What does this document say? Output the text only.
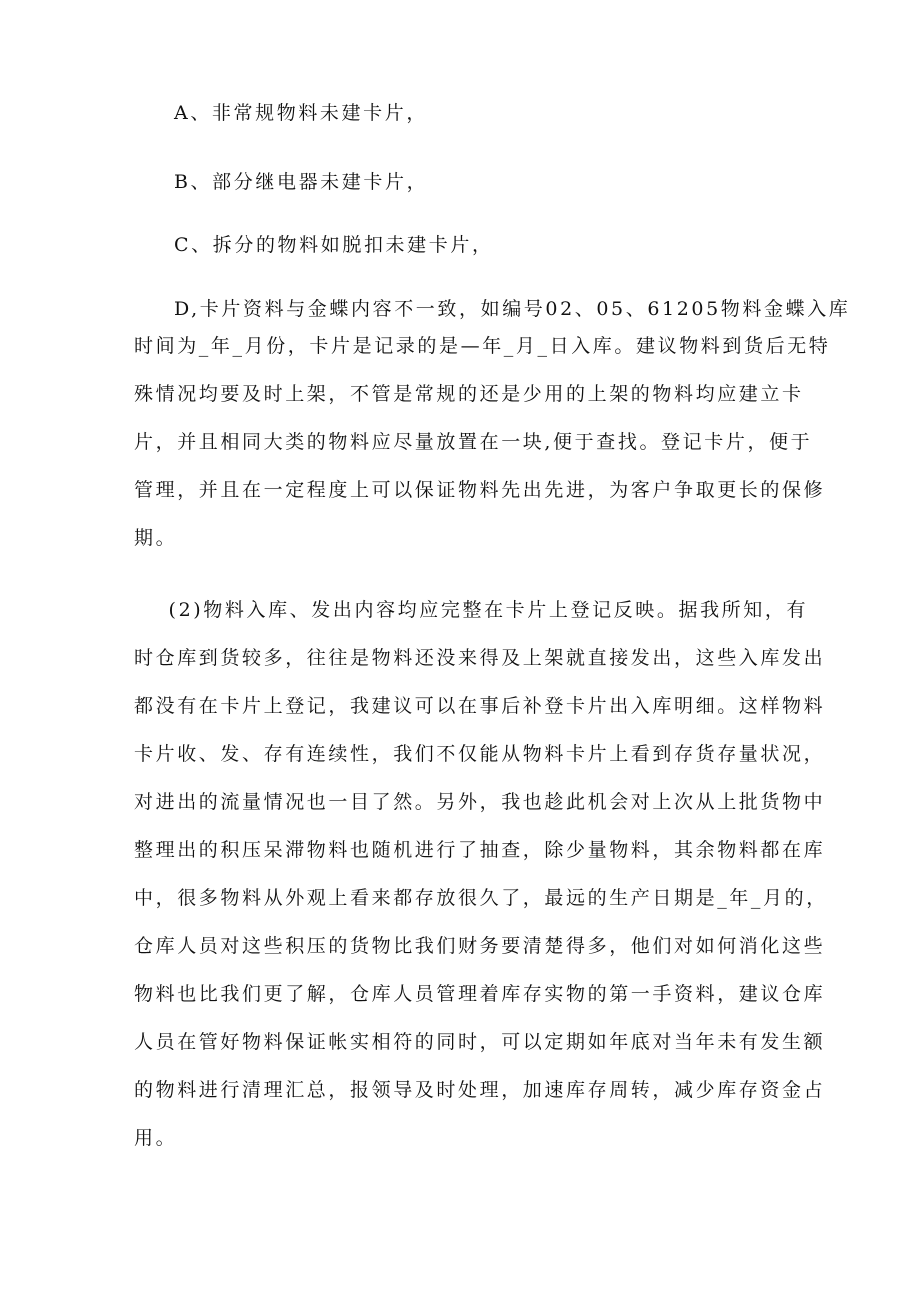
A、非常规物料未建卡片，

B、部分继电器未建卡片，

C、拆分的物料如脱扣未建卡片，

D,卡片资料与金蝶内容不一致，如编号02、05、61205物料金蝶入库

时间为_年_月份，卡片是记录的是—年_月_日入库。建议物料到货后无特
殊情况均要及时上架，不管是常规的还是少用的上架的物料均应建立卡
片，并且相同大类的物料应尽量放置在一块,便于查找。登记卡片，便于
管理，并且在一定程度上可以保证物料先出先进，为客户争取更长的保修
期。
(2)物料入库、发出内容均应完整在卡片上登记反映。据我所知，有
时仓库到货较多，往往是物料还没来得及上架就直接发出，这些入库发出
都没有在卡片上登记，我建议可以在事后补登卡片出入库明细。这样物料
卡片收、发、存有连续性，我们不仅能从物料卡片上看到存货存量状况，
对进出的流量情况也一目了然。另外，我也趁此机会对上次从上批货物中
整理出的积压呆滞物料也随机进行了抽查，除少量物料，其余物料都在库
中，很多物料从外观上看来都存放很久了，最远的生产日期是_年_月的，
仓库人员对这些积压的货物比我们财务要清楚得多，他们对如何消化这些
物料也比我们更了解，仓库人员管理着库存实物的第一手资料，建议仓库
人员在管好物料保证帐实相符的同时，可以定期如年底对当年未有发生额
的物料进行清理汇总，报领导及时处理，加速库存周转，减少库存资金占
用。
